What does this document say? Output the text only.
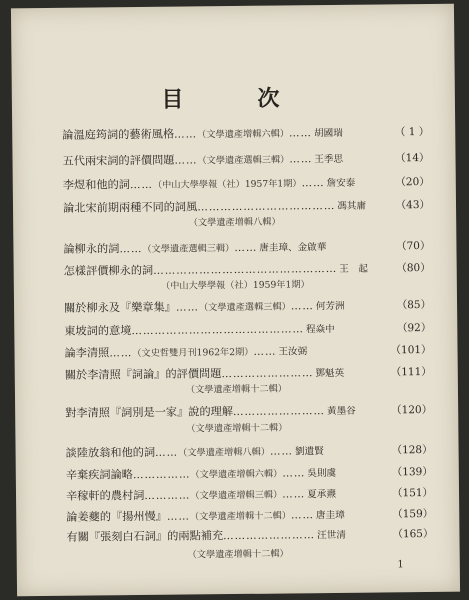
目　次
論溫庭筠詞的藝術風格 …… （文學遺產增輯六輯） …… 胡國瑞	（ 1 ）
五代兩宋詞的評價問題 …… （文學遺產選輯三輯） …… 王季思	（14）
李煜和他的詞 …… （中山大學學報（社）1957年1期） …… 詹安泰	（20）
論北宋前期兩種不同的詞風 ……………………………… 馮其庸	（43）
（文學遺產增輯八輯）
論柳永的詞 …… （文學遺產選輯三輯） …… 唐圭璋、金啟華	（70）
怎樣評價柳永的詞 ………………………………………… 王　起	（80）
（中山大學學報（社）1959年1期）
關於柳永及『樂章集』 …… （文學遺產選輯三輯） …… 何芳洲	（85）
東坡詞的意境 ……………………………………… 程焱中	（92）
論李清照 …… （文史哲雙月刊1962年2期） …… 王汝弼	（101）
關於李清照『詞論』的評價問題 …………………… 鄧魁英	（111）
（文學遺產增輯十二輯）
對李清照『詞別是一家』說的理解 …………………… 黃墨谷	（120）
（文學遺產增輯十二輯）
談陸放翁和他的詞 …… （文學遺產增輯八輯） …… 劉遺賢	（128）
辛棄疾詞論略 …………… （文學遺產增輯六輯） …… 吳則虞	（139）
辛稼軒的農村詞 ………… （文學遺產增輯三輯） …… 夏承燾	（151）
論姜夔的『揚州慢』 …… （文學遺產增輯十二輯） …… 唐圭璋	（159）
有關『張刻白石詞』的兩點補充 …………………… 汪世清	（165）
（文學遺產增輯十二輯）
1
